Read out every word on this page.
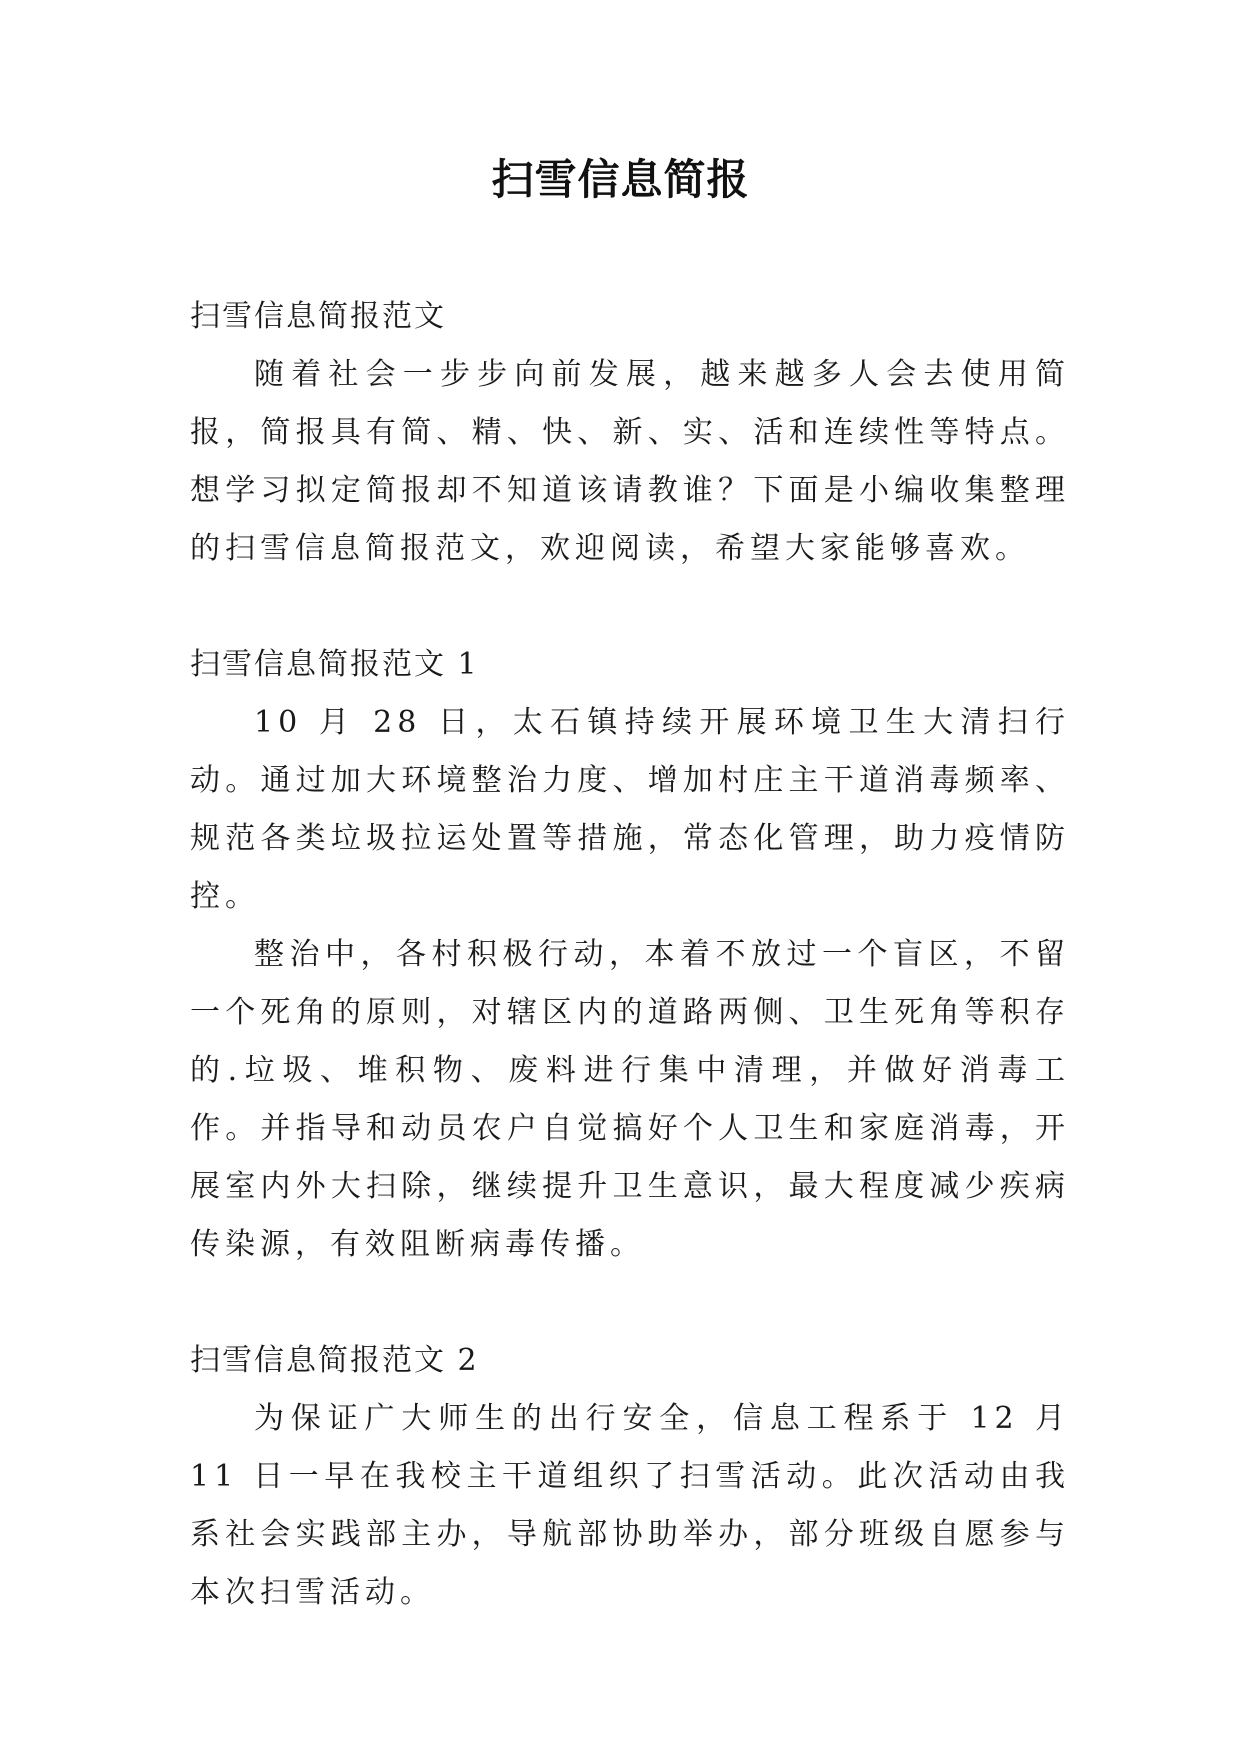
扫雪信息简报

扫雪信息简报范文

随着社会一步步向前发展，越来越多人会去使用简报，简报具有简、精、快、新、实、活和连续性等特点。想学习拟定简报却不知道该请教谁？下面是小编收集整理的扫雪信息简报范文，欢迎阅读，希望大家能够喜欢。

扫雪信息简报范文 1

10 月 28 日，太石镇持续开展环境卫生大清扫行动。通过加大环境整治力度、增加村庄主干道消毒频率、规范各类垃圾拉运处置等措施，常态化管理，助力疫情防控。

整治中，各村积极行动，本着不放过一个盲区，不留一个死角的原则，对辖区内的道路两侧、卫生死角等积存的.垃圾、堆积物、废料进行集中清理，并做好消毒工作。并指导和动员农户自觉搞好个人卫生和家庭消毒，开展室内外大扫除，继续提升卫生意识，最大程度减少疾病传染源，有效阻断病毒传播。

扫雪信息简报范文 2

为保证广大师生的出行安全，信息工程系于 12 月 11 日一早在我校主干道组织了扫雪活动。此次活动由我系社会实践部主办，导航部协助举办，部分班级自愿参与本次扫雪活动。
